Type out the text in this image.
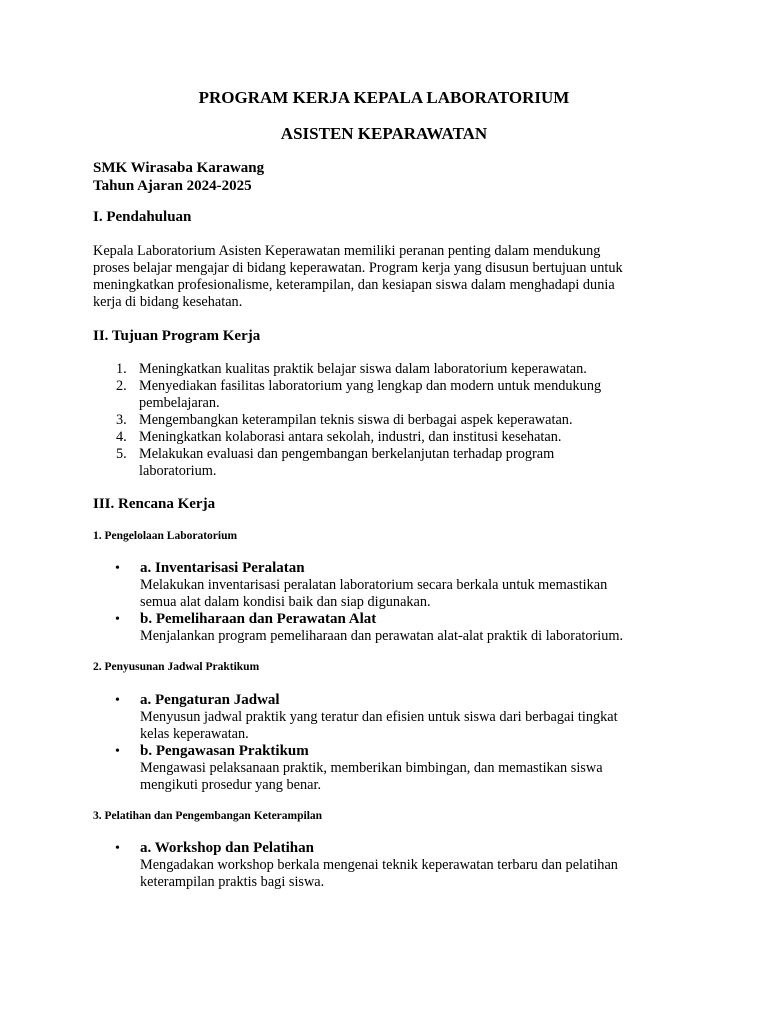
PROGRAM KERJA KEPALA LABORATORIUM
ASISTEN KEPARAWATAN
SMK Wirasaba Karawang
Tahun Ajaran 2024-2025
I. Pendahuluan
Kepala Laboratorium Asisten Keperawatan memiliki peranan penting dalam mendukung
proses belajar mengajar di bidang keperawatan. Program kerja yang disusun bertujuan untuk
meningkatkan profesionalisme, keterampilan, dan kesiapan siswa dalam menghadapi dunia
kerja di bidang kesehatan.
II. Tujuan Program Kerja
1. Meningkatkan kualitas praktik belajar siswa dalam laboratorium keperawatan.
2. Menyediakan fasilitas laboratorium yang lengkap dan modern untuk mendukung
pembelajaran.
3. Mengembangkan keterampilan teknis siswa di berbagai aspek keperawatan.
4. Meningkatkan kolaborasi antara sekolah, industri, dan institusi kesehatan.
5. Melakukan evaluasi dan pengembangan berkelanjutan terhadap program
laboratorium.
III. Rencana Kerja
1. Pengelolaan Laboratorium
• a. Inventarisasi Peralatan
Melakukan inventarisasi peralatan laboratorium secara berkala untuk memastikan
semua alat dalam kondisi baik dan siap digunakan.
• b. Pemeliharaan dan Perawatan Alat
Menjalankan program pemeliharaan dan perawatan alat-alat praktik di laboratorium.
2. Penyusunan Jadwal Praktikum
• a. Pengaturan Jadwal
Menyusun jadwal praktik yang teratur dan efisien untuk siswa dari berbagai tingkat
kelas keperawatan.
• b. Pengawasan Praktikum
Mengawasi pelaksanaan praktik, memberikan bimbingan, dan memastikan siswa
mengikuti prosedur yang benar.
3. Pelatihan dan Pengembangan Keterampilan
• a. Workshop dan Pelatihan
Mengadakan workshop berkala mengenai teknik keperawatan terbaru dan pelatihan
keterampilan praktis bagi siswa.
